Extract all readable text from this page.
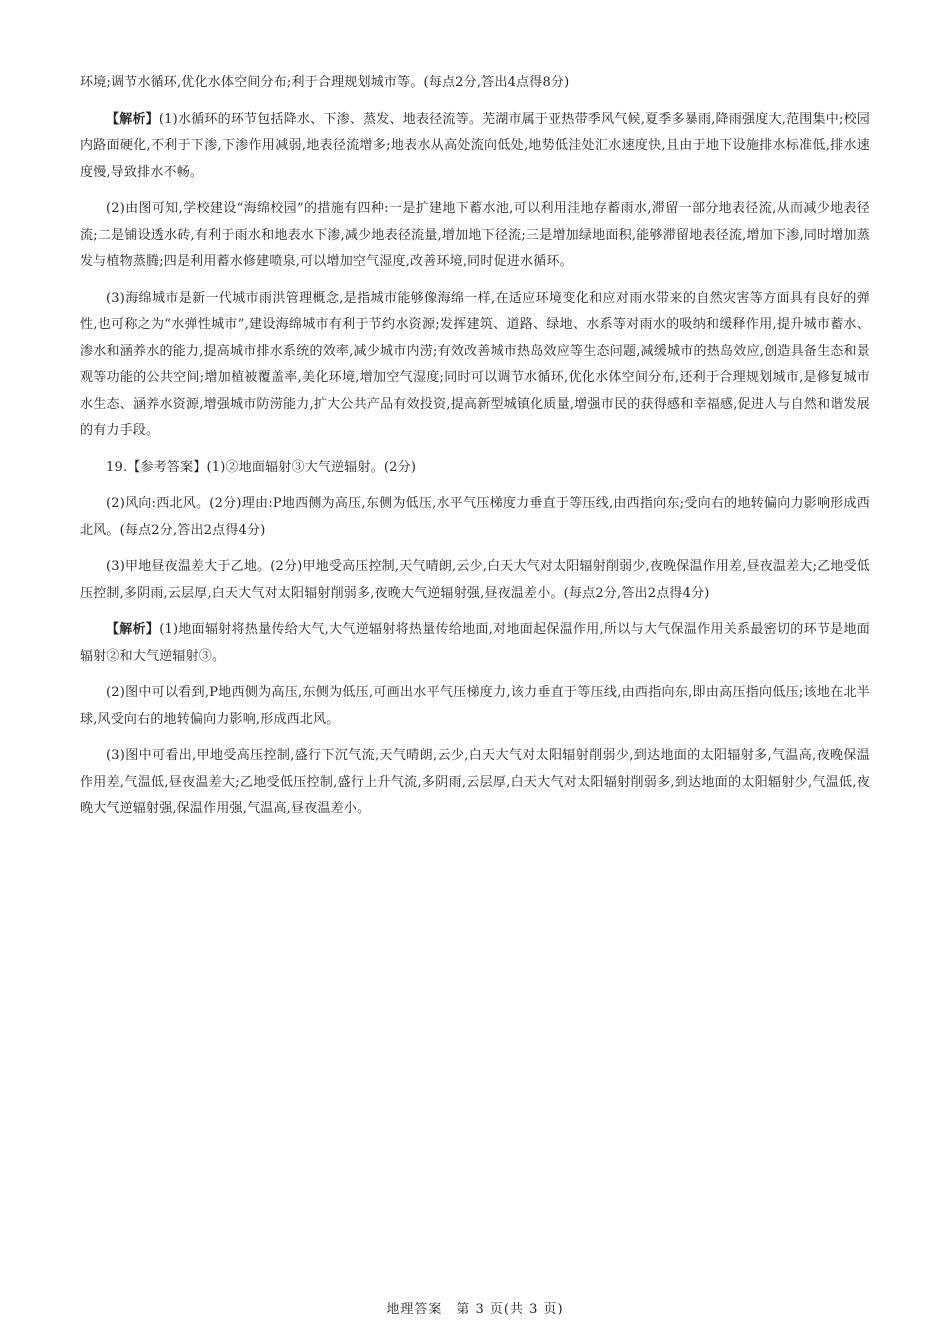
环境;调节水循环,优化水体空间分布;利于合理规划城市等。(每点2分,答出4点得8分)

【解析】(1)水循环的环节包括降水、下渗、蒸发、地表径流等。芜湖市属于亚热带季风气候,夏季多暴雨,降雨强度大,范围集中;校园内路面硬化,不利于下渗,下渗作用减弱,地表径流增多;地表水从高处流向低处,地势低洼处汇水速度快,且由于地下设施排水标准低,排水速度慢,导致排水不畅。

(2)由图可知,学校建设“海绵校园”的措施有四种:一是扩建地下蓄水池,可以利用洼地存蓄雨水,滞留一部分地表径流,从而减少地表径流;二是铺设透水砖,有利于雨水和地表水下渗,减少地表径流量,增加地下径流;三是增加绿地面积,能够滞留地表径流,增加下渗,同时增加蒸发与植物蒸腾;四是利用蓄水修建喷泉,可以增加空气湿度,改善环境,同时促进水循环。

(3)海绵城市是新一代城市雨洪管理概念,是指城市能够像海绵一样,在适应环境变化和应对雨水带来的自然灾害等方面具有良好的弹性,也可称之为“水弹性城市”,建设海绵城市有利于节约水资源;发挥建筑、道路、绿地、水系等对雨水的吸纳和缓释作用,提升城市蓄水、渗水和涵养水的能力,提高城市排水系统的效率,减少城市内涝;有效改善城市热岛效应等生态问题,减缓城市的热岛效应,创造具备生态和景观等功能的公共空间;增加植被覆盖率,美化环境,增加空气湿度;同时可以调节水循环,优化水体空间分布,还利于合理规划城市,是修复城市水生态、涵养水资源,增强城市防涝能力,扩大公共产品有效投资,提高新型城镇化质量,增强市民的获得感和幸福感,促进人与自然和谐发展的有力手段。

19.【参考答案】(1)②地面辐射③大气逆辐射。(2分)

(2)风向:西北风。(2分)理由:P地西侧为高压,东侧为低压,水平气压梯度力垂直于等压线,由西指向东;受向右的地转偏向力影响形成西北风。(每点2分,答出2点得4分)

(3)甲地昼夜温差大于乙地。(2分)甲地受高压控制,天气晴朗,云少,白天大气对太阳辐射削弱少,夜晚保温作用差,昼夜温差大;乙地受低压控制,多阴雨,云层厚,白天大气对太阳辐射削弱多,夜晚大气逆辐射强,昼夜温差小。(每点2分,答出2点得4分)

【解析】(1)地面辐射将热量传给大气,大气逆辐射将热量传给地面,对地面起保温作用,所以与大气保温作用关系最密切的环节是地面辐射②和大气逆辐射③。

(2)图中可以看到,P地西侧为高压,东侧为低压,可画出水平气压梯度力,该力垂直于等压线,由西指向东,即由高压指向低压;该地在北半球,风受向右的地转偏向力影响,形成西北风。

(3)图中可看出,甲地受高压控制,盛行下沉气流,天气晴朗,云少,白天大气对太阳辐射削弱少,到达地面的太阳辐射多,气温高,夜晚保温作用差,气温低,昼夜温差大;乙地受低压控制,盛行上升气流,多阴雨,云层厚,白天大气对太阳辐射削弱多,到达地面的太阳辐射少,气温低,夜晚大气逆辐射强,保温作用强,气温高,昼夜温差小。

地理答案　第 3 页(共 3 页)
